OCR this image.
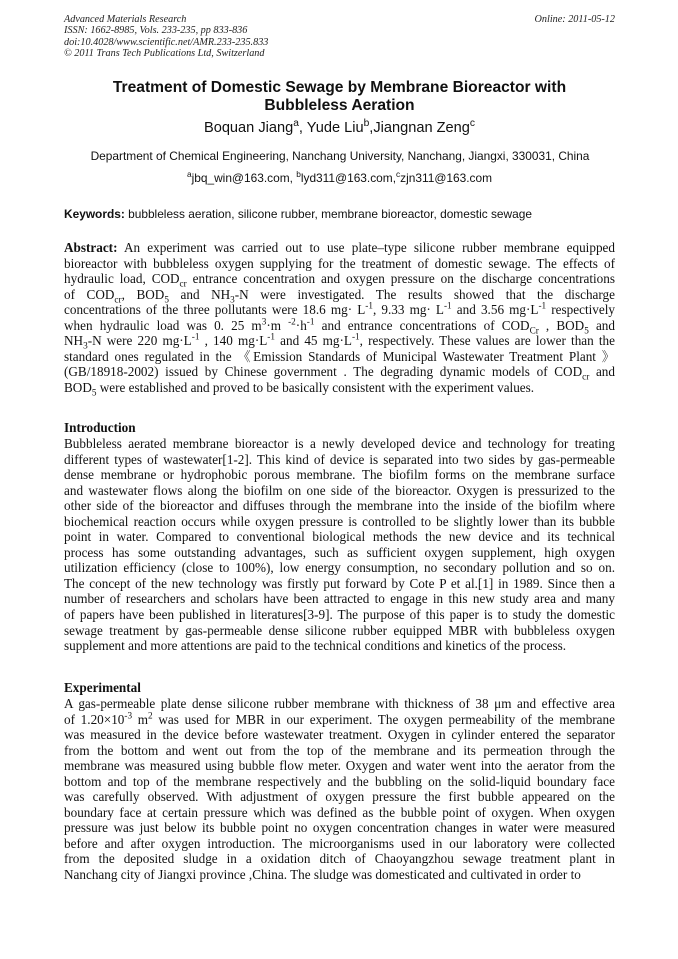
Advanced Materials Research
ISSN: 1662-8985, Vols. 233-235, pp 833-836
doi:10.4028/www.scientific.net/AMR.233-235.833
© 2011 Trans Tech Publications Ltd, Switzerland
Online: 2011-05-12
Treatment of Domestic Sewage by Membrane Bioreactor with
Bubbleless Aeration
Boquan Jiang$^a$, Yude Liu$^b$,Jiangnan Zeng$^c$
Department of Chemical Engineering, Nanchang University, Nanchang, Jiangxi, 330031, China
$^a$jbq_win@163.com, $^b$lyd311@163.com,$^c$zjn311@163.com
Keywords: bubbleless aeration, silicone rubber, membrane bioreactor, domestic sewage
Abstract: An experiment was carried out to use plate–type silicone rubber membrane equipped
bioreactor with bubbleless oxygen supplying for the treatment of domestic sewage. The effects of
hydraulic load, $COD_{cr}$ entrance concentration and oxygen pressure on the discharge concentrations
of $COD_{cr}$, $BOD_5$ and $NH_3-N$ were investigated. The results showed that the discharge
concentrations of the three pollutants were 18.6 $mg\cdot L^{-1}$, 9.33 $mg\cdot L^{-1}$ and 3.56 $mg\cdot L^{-1}$ respectively
when hydraulic load was 0. 25 $m^3\cdot m$ $^{-2}\cdot h^{-1}$ and entrance concentrations of $COD_{Cr}$ , $BOD_5$ and
$NH_3-N$ were 220 $mg\cdot L^{-1}$ , 140 $mg\cdot L^{-1}$ and 45 $mg\cdot L^{-1}$, respectively. These values are lower than the
standard ones regulated in the 《Emission Standards of Municipal Wastewater Treatment Plant 》
(GB/18918-2002) issued by Chinese government . The degrading dynamic models of $COD_{cr}$ and
$BOD_5$ were established and proved to be basically consistent with the experiment values.
Introduction
Bubbleless aerated membrane bioreactor is a newly developed device and technology for treating
different types of wastewater[1-2]. This kind of device is separated into two sides by gas-permeable
dense membrane or hydrophobic porous membrane. The biofilm forms on the membrane surface
and wastewater flows along the biofilm on one side of the bioreactor. Oxygen is pressurized to the
other side of the bioreactor and diffuses through the membrane into the inside of the biofilm where
biochemical reaction occurs while oxygen pressure is controlled to be slightly lower than its bubble
point in water. Compared to conventional biological methods the new device and its technical
process has some outstanding advantages, such as sufficient oxygen supplement, high oxygen
utilization efficiency (close to 100%), low energy consumption, no secondary pollution and so on.
The concept of the new technology was firstly put forward by Cote P et al.[1] in 1989. Since then a
number of researchers and scholars have been attracted to engage in this new study area and many
of papers have been published in literatures[3-9]. The purpose of this paper is to study the domestic
sewage treatment by gas-permeable dense silicone rubber equipped MBR with bubbleless oxygen
supplement and more attentions are paid to the technical conditions and kinetics of the process.
Experimental
A gas-permeable plate dense silicone rubber membrane with thickness of 38 μm and effective area
of $1.20\times 10^{-3}$ $m^2$ was used for MBR in our experiment. The oxygen permeability of the membrane
was measured in the device before wastewater treatment. Oxygen in cylinder entered the separator
from the bottom and went out from the top of the membrane and its permeation through the
membrane was measured using bubble flow meter. Oxygen and water went into the aerator from the
bottom and top of the membrane respectively and the bubbling on the solid-liquid boundary face
was carefully observed. With adjustment of oxygen pressure the first bubble appeared on the
boundary face at certain pressure which was defined as the bubble point of oxygen. When oxygen
pressure was just below its bubble point no oxygen concentration changes in water were measured
before and after oxygen introduction. The microorganisms used in our laboratory were collected
from the deposited sludge in a oxidation ditch of Chaoyangzhou sewage treatment plant in
Nanchang city of Jiangxi province ,China. The sludge was domesticated and cultivated in order to
